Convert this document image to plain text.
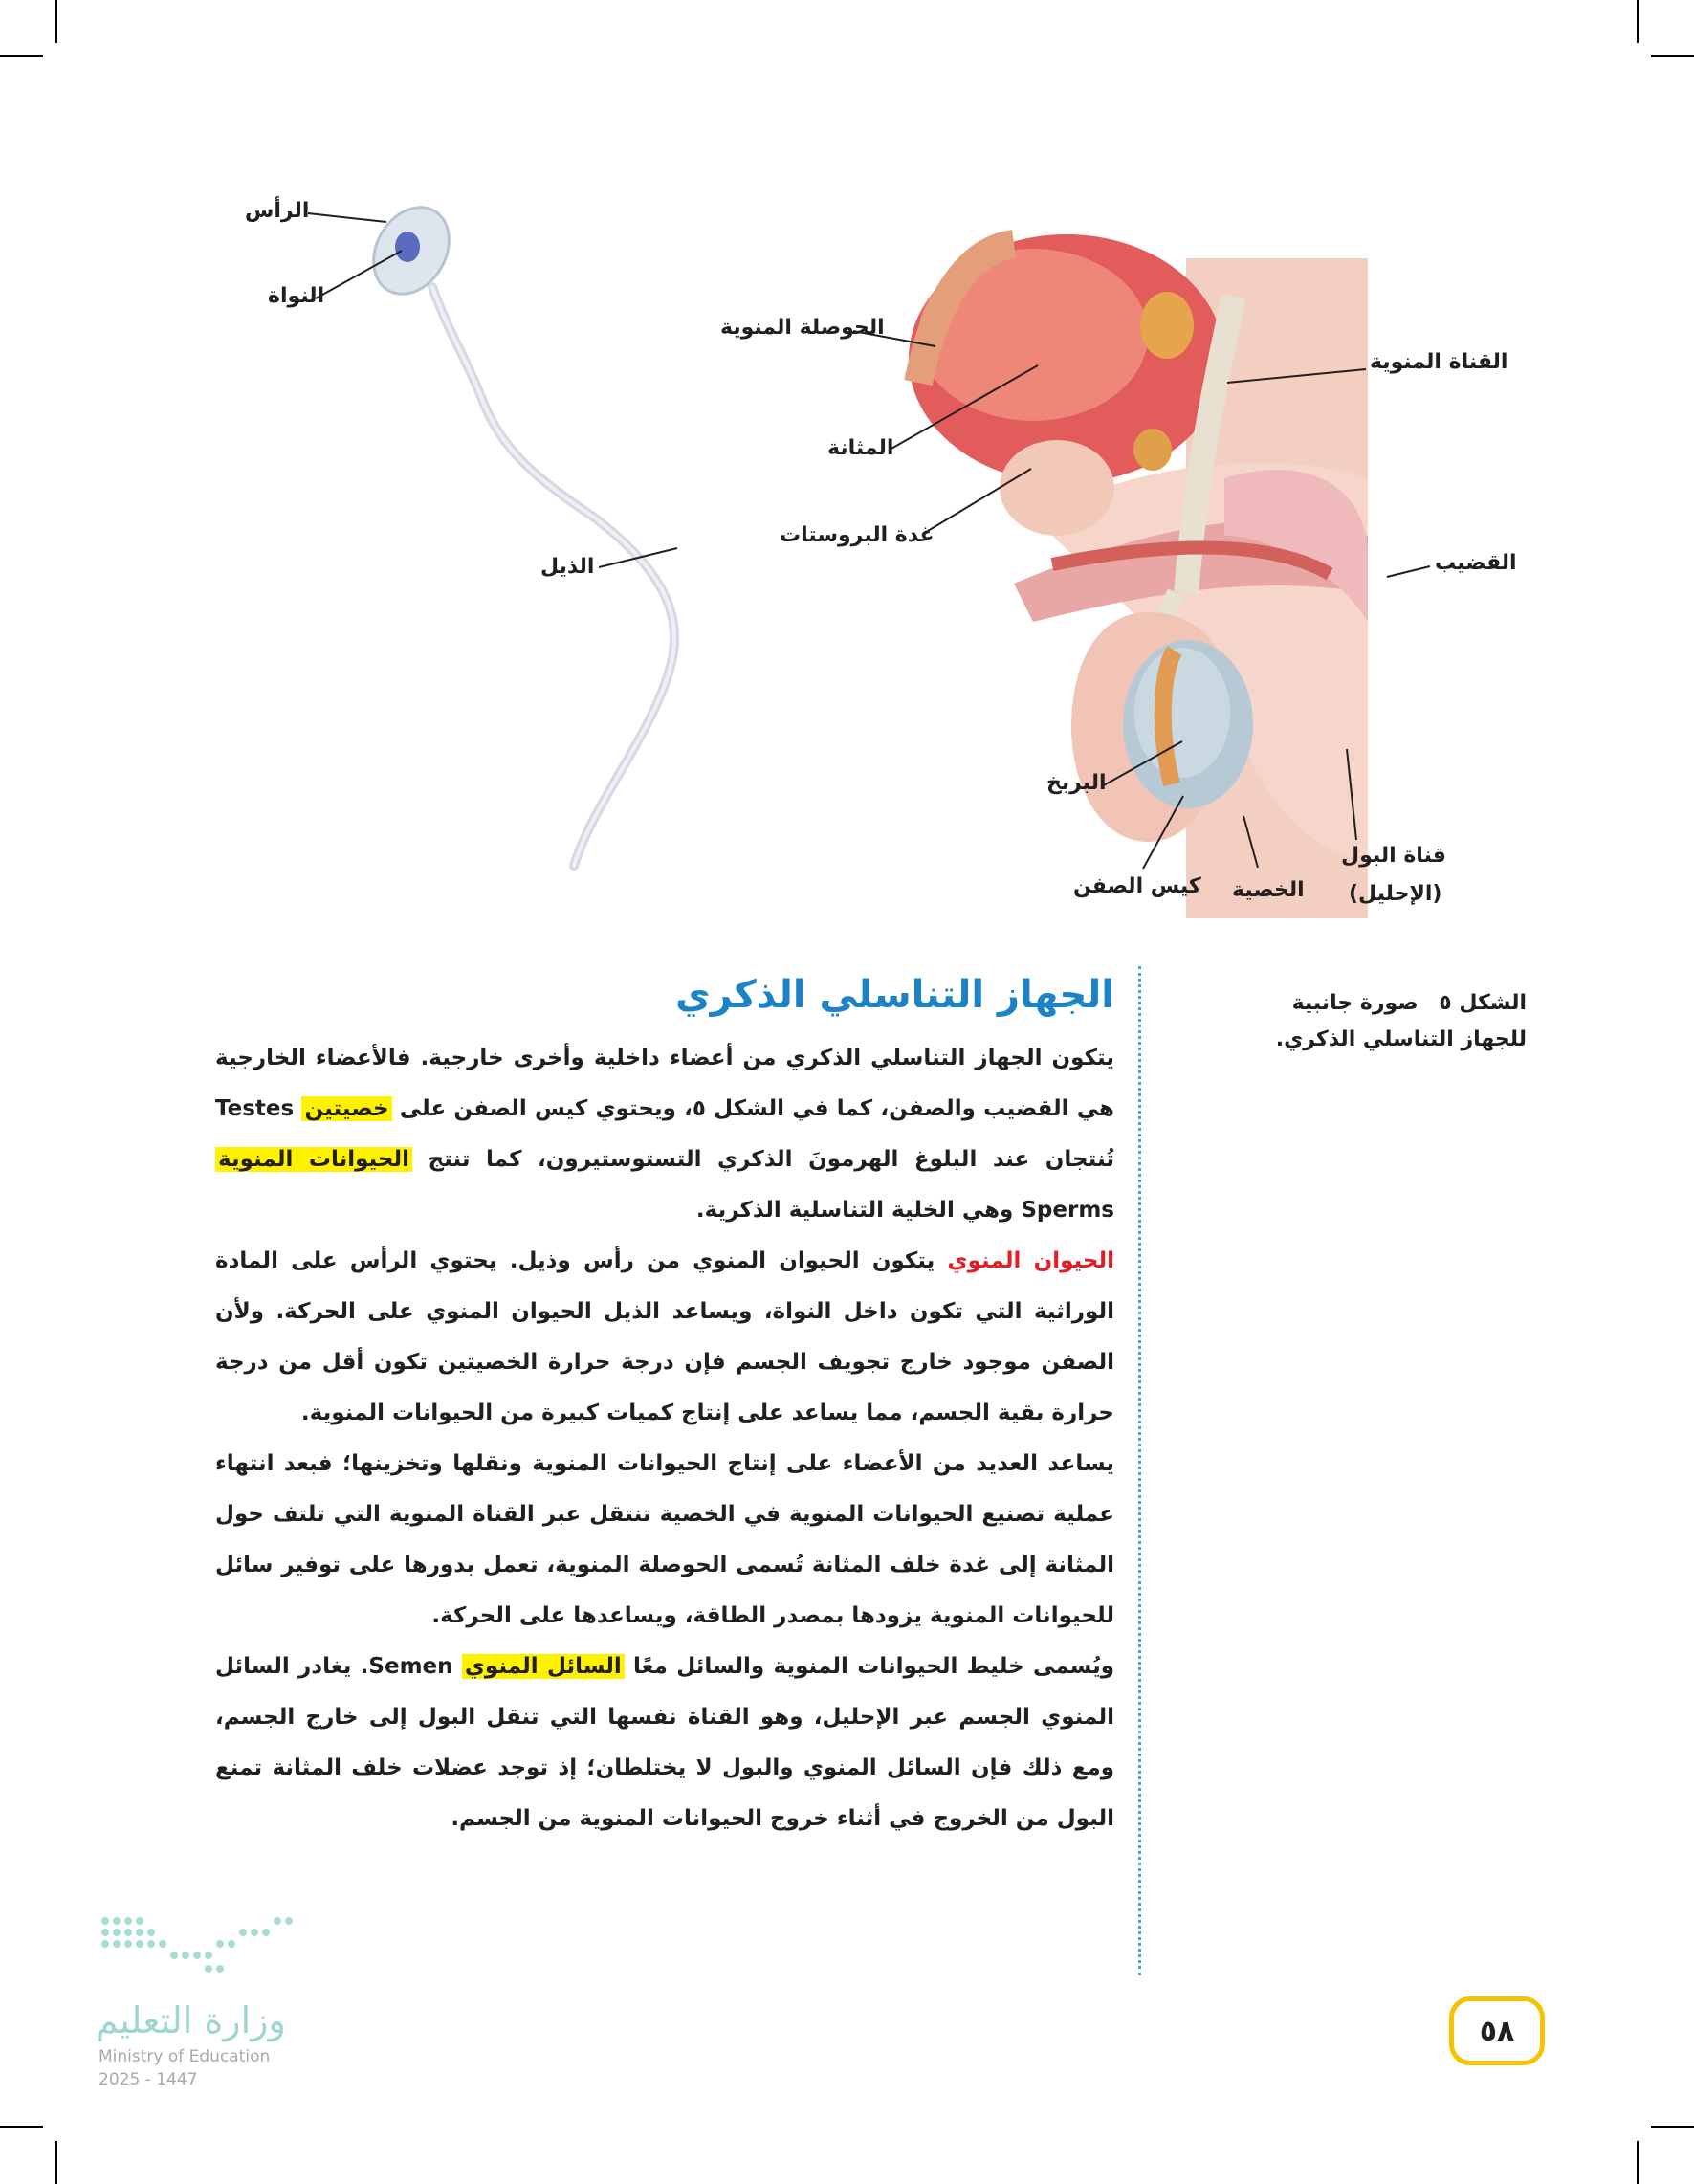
الرأس
النواة
الذيل
الحوصلة المنوية
المثانة
غدة البروستات
القناة المنوية
القضيب
البربخ
كيس الصفن الخصية
قناة البول
(الإحليل)
الشكل ٥ صورة جانبية للجهاز التناسلي الذكري.
الجهاز التناسلي الذكري

يتكون الجهاز التناسلي الذكري من أعضاء داخلية وأخرى خارجية. فالأعضاء الخارجية هي القضيب والصفن، كما في الشكل ٥، ويحتوي كيس الصفن على خصيتين Testes تُنتجان عند البلوغ الهرمونَ الذكري التستوستيرون، كما تنتج الحيوانات المنوية Sperms وهي الخلية التناسلية الذكرية.

الحيوان المنوي يتكون الحيوان المنوي من رأس وذيل. يحتوي الرأس على المادة الوراثية التي تكون داخل النواة، ويساعد الذيل الحيوان المنوي على الحركة. ولأن الصفن موجود خارج تجويف الجسم فإن درجة حرارة الخصيتين تكون أقل من درجة حرارة بقية الجسم، مما يساعد على إنتاج كميات كبيرة من الحيوانات المنوية.

يساعد العديد من الأعضاء على إنتاج الحيوانات المنوية ونقلها وتخزينها؛ فبعد انتهاء عملية تصنيع الحيوانات المنوية في الخصية تنتقل عبر القناة المنوية التي تلتف حول المثانة إلى غدة خلف المثانة تُسمى الحوصلة المنوية، تعمل بدورها على توفير سائل للحيوانات المنوية يزودها بمصدر الطاقة، ويساعدها على الحركة.

ويُسمى خليط الحيوانات المنوية والسائل معًا السائل المنوي Semen. يغادر السائل المنوي الجسم عبر الإحليل، وهو القناة نفسها التي تنقل البول إلى خارج الجسم، ومع ذلك فإن السائل المنوي والبول لا يختلطان؛ إذ توجد عضلات خلف المثانة تمنع البول من الخروج في أثناء خروج الحيوانات المنوية من الجسم.

وزارة التعليم
Ministry of Education
2025 - 1447
٥٨
